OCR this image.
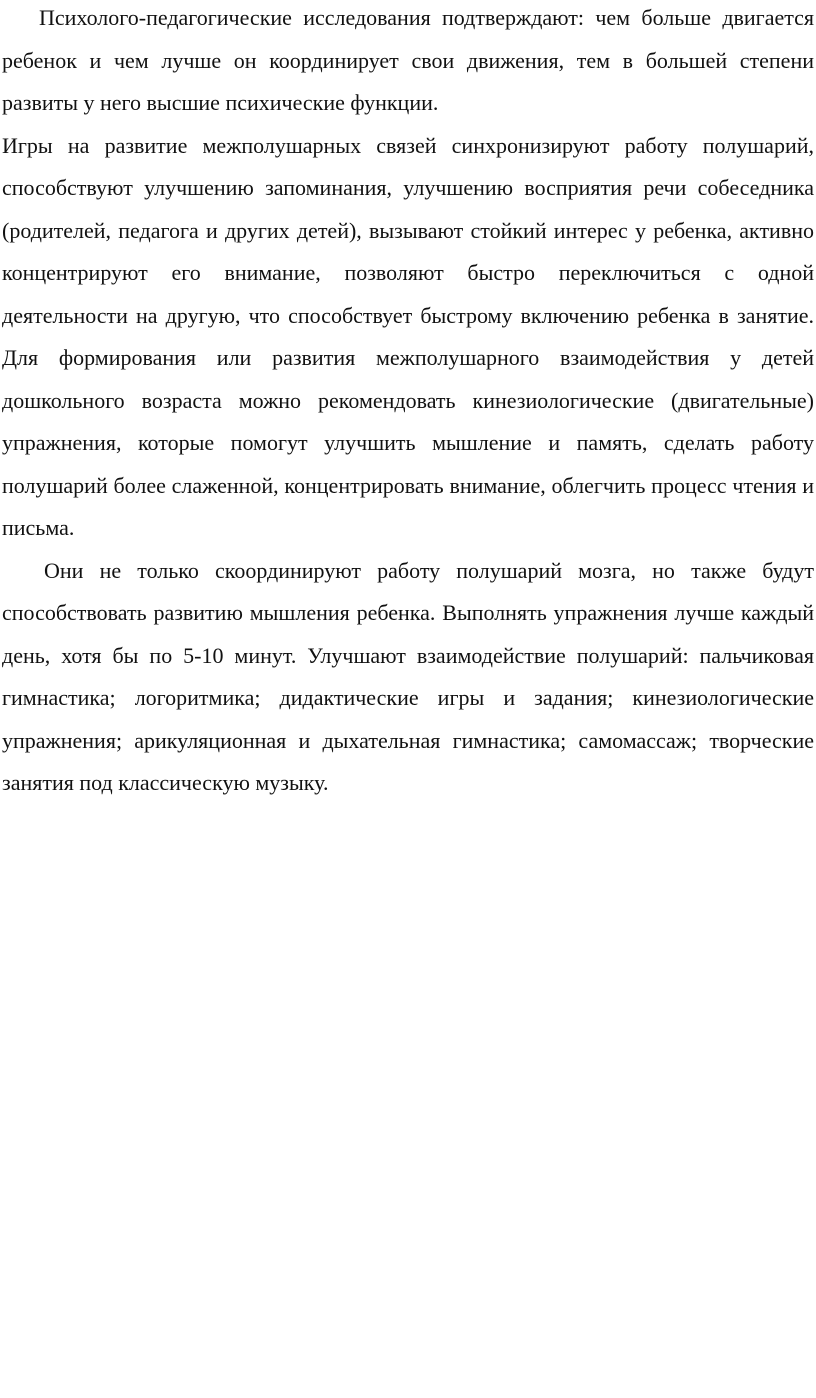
Психолого-педагогические исследования подтверждают: чем больше двигается ребенок и чем лучше он координирует свои движения, тем в большей степени развиты у него высшие психические функции.

Игры на развитие межполушарных связей синхронизируют работу полушарий, способствуют улучшению запоминания, улучшению восприятия речи собеседника (родителей, педагога и других детей), вызывают стойкий интерес у ребенка, активно концентрируют его внимание, позволяют быстро переключиться с одной деятельности на другую, что способствует быстрому включению ребенка в занятие. Для формирования или развития межполушарного взаимодействия у детей дошкольного возраста можно рекомендовать кинезиологические (двигательные) упражнения, которые помогут улучшить мышление и память, сделать работу полушарий более слаженной, концентрировать внимание, облегчить процесс чтения и письма.

Они не только скоординируют работу полушарий мозга, но также будут способствовать развитию мышления ребенка. Выполнять упражнения лучше каждый день, хотя бы по 5-10 минут. Улучшают взаимодействие полушарий: пальчиковая гимнастика; логоритмика; дидактические игры и задания; кинезиологические упражнения; арикуляционная и дыхательная гимнастика; самомассаж; творческие занятия под классическую музыку.
